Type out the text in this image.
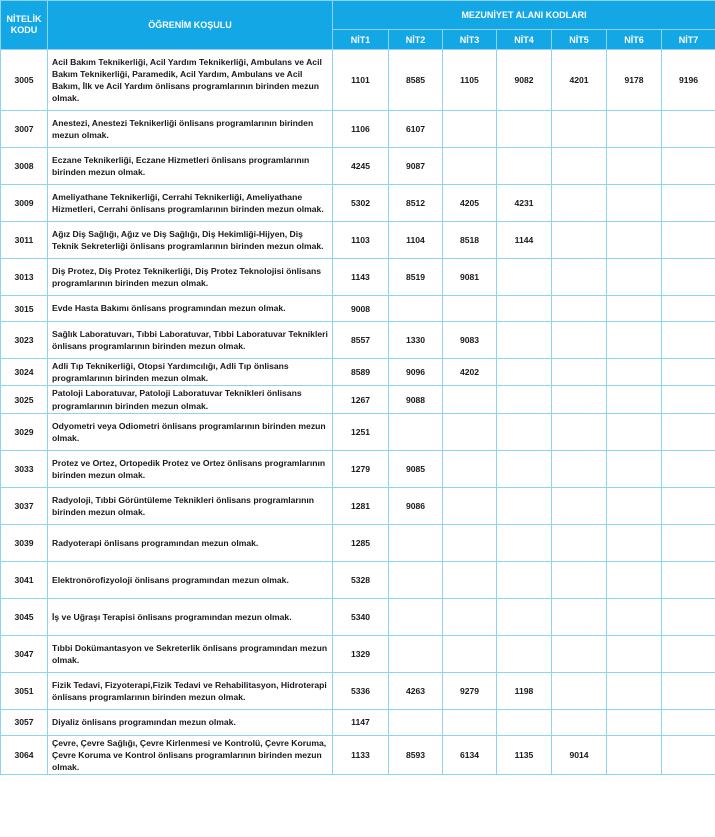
NİTELİK
KODU	ÖĞRENİM KOŞULU	MEZUNİYET ALANI KODLARI						
		NİT1	NİT2	NİT3	NİT4	NİT5	NİT6	NİT7
3005	Acil Bakım Teknikerliği, Acil Yardım Teknikerliği, Ambulans ve Acil Bakım Teknikerliği, Paramedik, Acil Yardım, Ambulans ve Acil Bakım, İlk ve Acil Yardım önlisans programlarının birinden mezun olmak.	1101	8585	1105	9082	4201	9178	9196
3007	Anestezi, Anestezi Teknikerliği önlisans programlarının birinden mezun olmak.	1106	6107					
3008	Eczane Teknikerliği, Eczane Hizmetleri önlisans programlarının birinden mezun olmak.	4245	9087					
3009	Ameliyathane Teknikerliği, Cerrahi Teknikerliği, Ameliyathane Hizmetleri, Cerrahi önlisans programlarının birinden mezun olmak.	5302	8512	4205	4231			
3011	Ağız Diş Sağlığı, Ağız ve Diş Sağlığı, Diş Hekimliği-Hijyen, Diş Teknik Sekreterliği önlisans programlarının birinden mezun olmak.	1103	1104	8518	1144			
3013	Diş Protez, Diş Protez Teknikerliği, Diş Protez Teknolojisi önlisans programlarının birinden mezun olmak.	1143	8519	9081				
3015	Evde Hasta Bakımı önlisans programından mezun olmak.	9008						
3023	Sağlık Laboratuvarı, Tıbbi Laboratuvar, Tıbbi Laboratuvar Teknikleri önlisans programlarının birinden mezun olmak.	8557	1330	9083				
3024	Adli Tıp Teknikerliği, Otopsi Yardımcılığı, Adli Tıp önlisans programlarının birinden mezun olmak.	8589	9096	4202				
3025	Patoloji Laboratuvar, Patoloji Laboratuvar Teknikleri önlisans programlarının birinden mezun olmak.	1267	9088					
3029	Odyometri veya Odiometri önlisans programlarının birinden mezun olmak.	1251						
3033	Protez ve Ortez, Ortopedik Protez ve Ortez önlisans programlarının birinden mezun olmak.	1279	9085					
3037	Radyoloji, Tıbbi Görüntüleme Teknikleri önlisans programlarının birinden mezun olmak.	1281	9086					
3039	Radyoterapi önlisans programından mezun olmak.	1285						
3041	Elektronörofizyoloji önlisans programından mezun olmak.	5328						
3045	İş ve Uğraşı Terapisi önlisans programından mezun olmak.	5340						
3047	Tıbbi Dokümantasyon ve Sekreterlik önlisans programından mezun olmak.	1329						
3051	Fizik Tedavi, Fizyoterapi,Fizik Tedavi ve Rehabilitasyon, Hidroterapi önlisans programlarının birinden mezun olmak.	5336	4263	9279	1198			
3057	Diyaliz önlisans programından mezun olmak.	1147						
3064	Çevre, Çevre Sağlığı, Çevre Kirlenmesi ve Kontrolü, Çevre Koruma, Çevre Koruma ve Kontrol önlisans programlarının birinden mezun olmak.	1133	8593	6134	1135	9014		
